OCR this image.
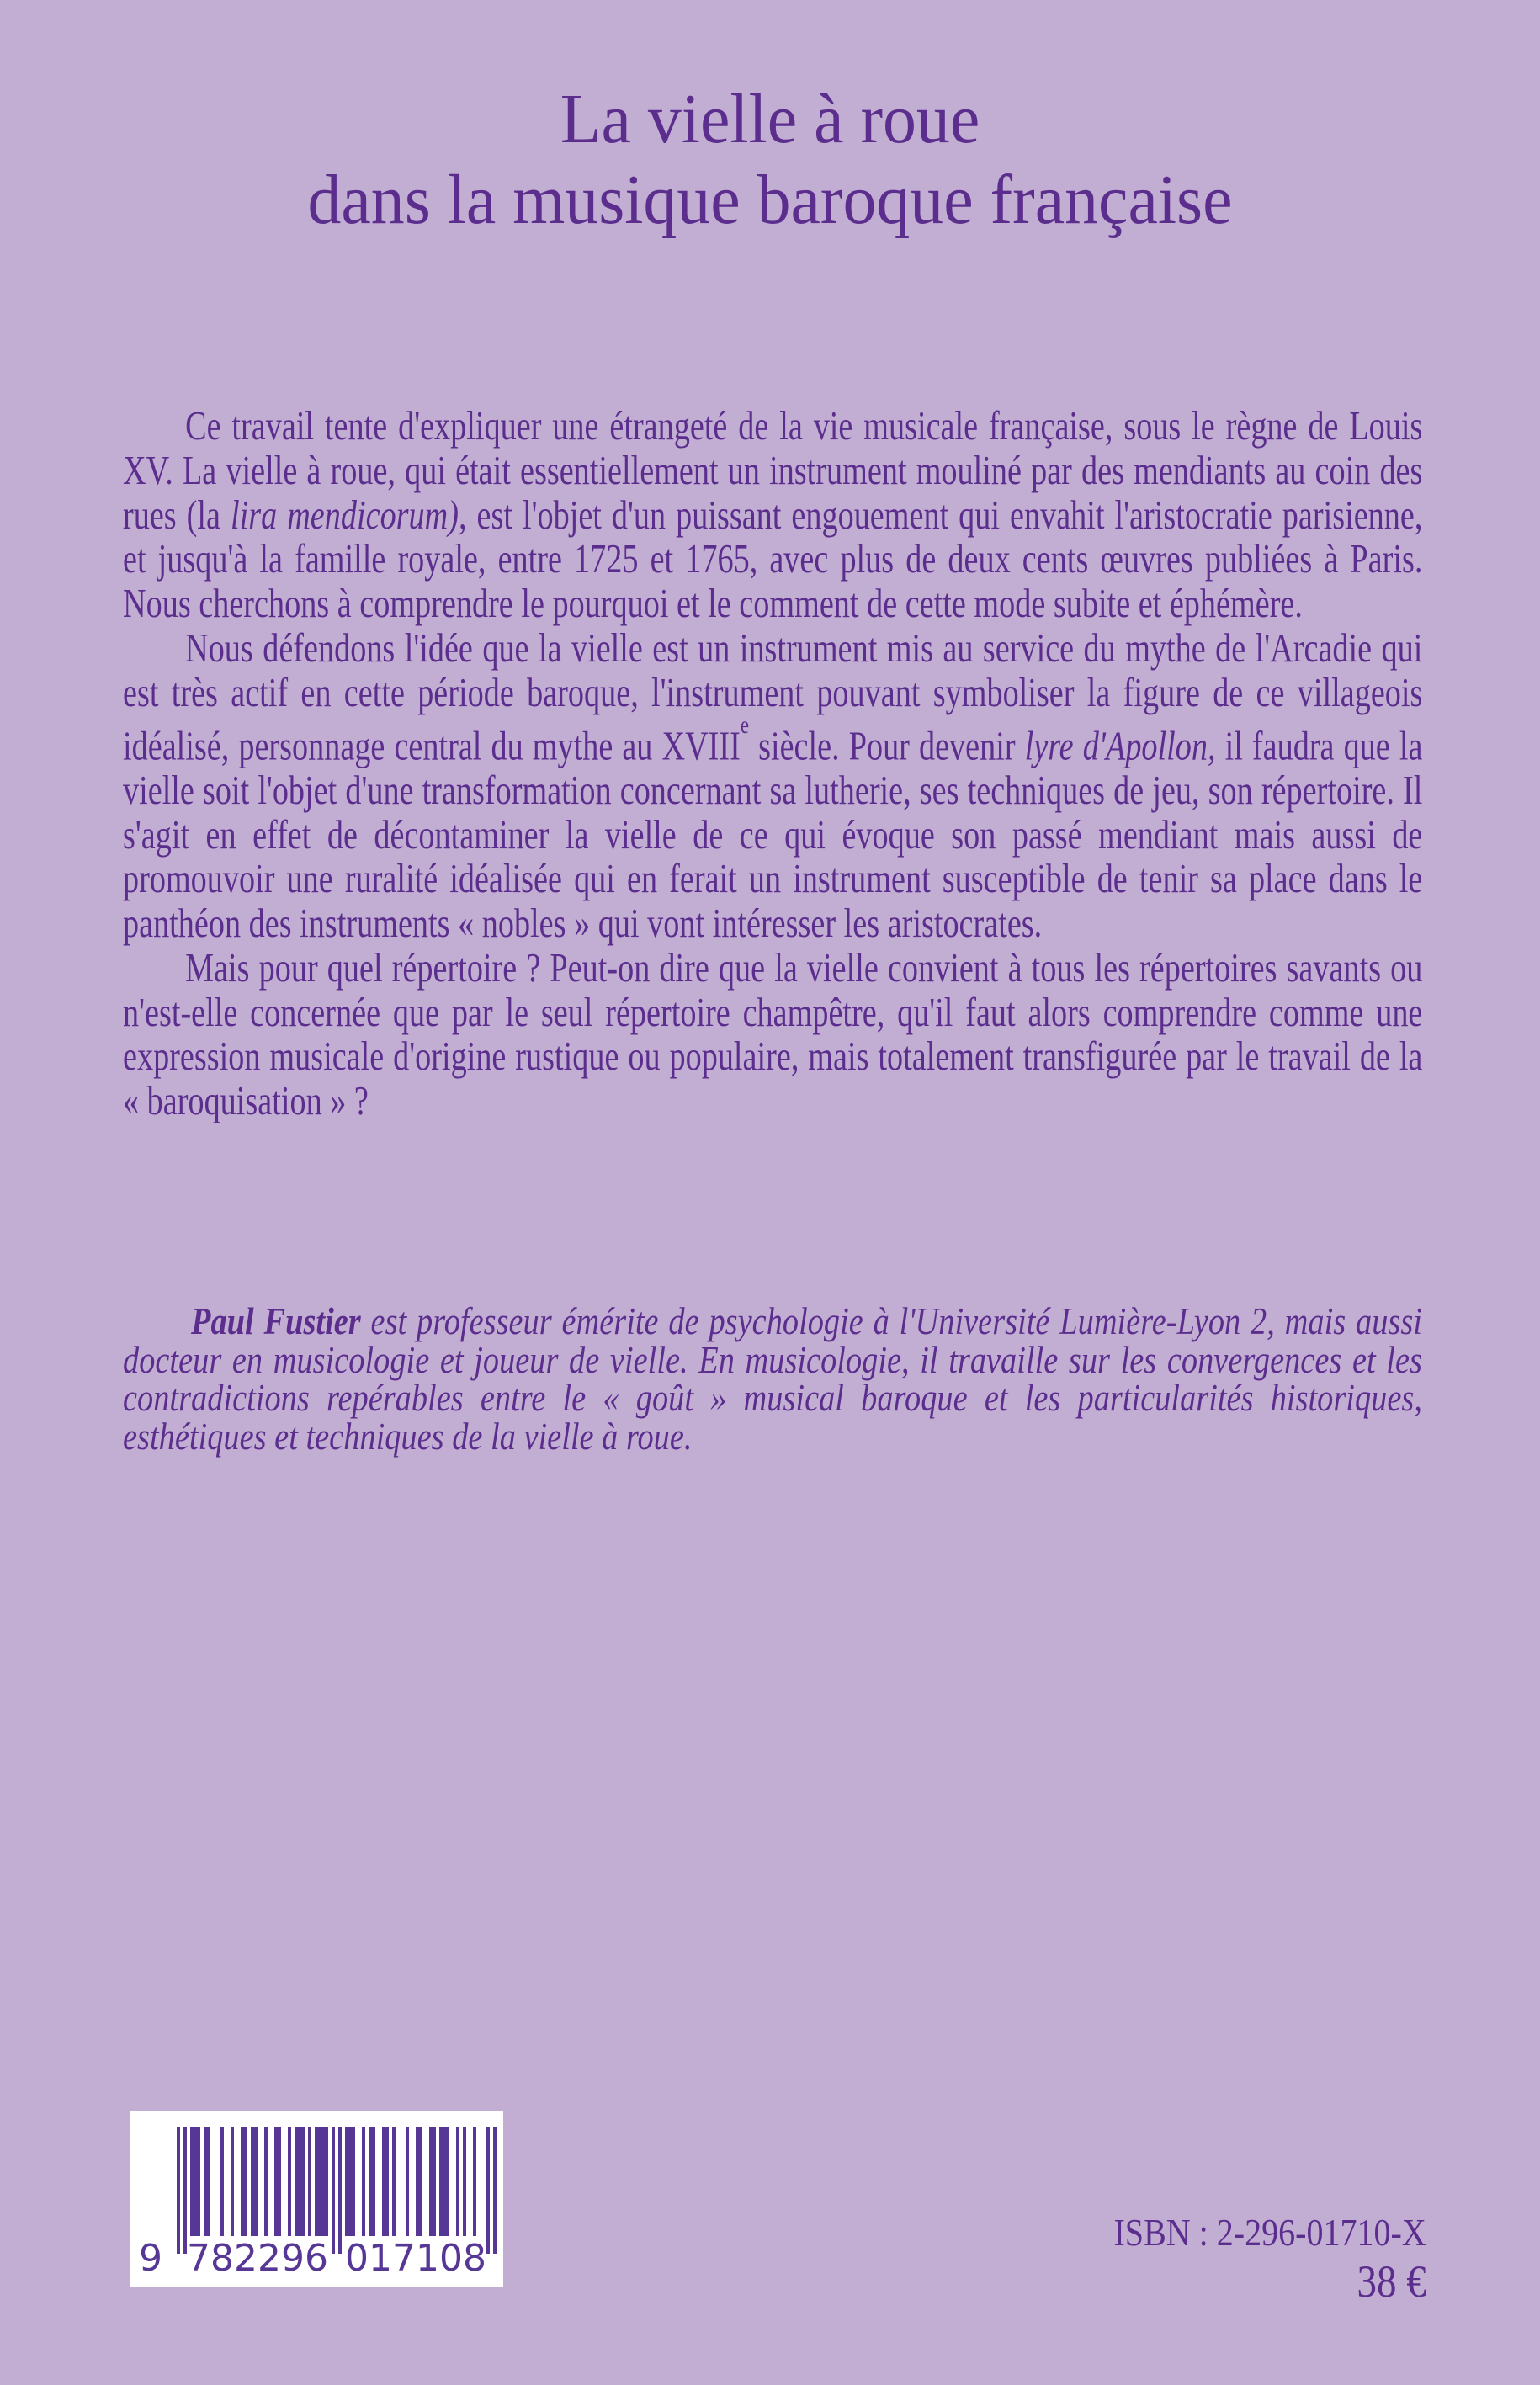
La vielle à roue
dans la musique baroque française

Ce travail tente d'expliquer une étrangeté de la vie musicale française, sous le règne de Louis XV. La vielle à roue, qui était essentiellement un instrument mouliné par des mendiants au coin des rues (la lira mendicorum), est l'objet d'un puissant engouement qui envahit l'aristocratie parisienne, et jusqu'à la famille royale, entre 1725 et 1765, avec plus de deux cents œuvres publiées à Paris. Nous cherchons à comprendre le pourquoi et le comment de cette mode subite et éphémère.

Nous défendons l'idée que la vielle est un instrument mis au service du mythe de l'Arcadie qui est très actif en cette période baroque, l'instrument pouvant symboliser la figure de ce villageois idéalisé, personnage central du mythe au XVIIIe siècle. Pour devenir lyre d'Apollon, il faudra que la vielle soit l'objet d'une transformation concernant sa lutherie, ses techniques de jeu, son répertoire. Il s'agit en effet de décontaminer la vielle de ce qui évoque son passé mendiant mais aussi de promouvoir une ruralité idéalisée qui en ferait un instrument susceptible de tenir sa place dans le panthéon des instruments « nobles » qui vont intéresser les aristocrates.

Mais pour quel répertoire ? Peut-on dire que la vielle convient à tous les répertoires savants ou n'est-elle concernée que par le seul répertoire champêtre, qu'il faut alors comprendre comme une expression musicale d'origine rustique ou populaire, mais totalement transfigurée par le travail de la « baroquisation » ?

Paul Fustier est professeur émérite de psychologie à l'Université Lumière-Lyon 2, mais aussi docteur en musicologie et joueur de vielle. En musicologie, il travaille sur les convergences et les contradictions repérables entre le « goût » musical baroque et les particularités historiques, esthétiques et techniques de la vielle à roue.
9 782296 017108
ISBN : 2-296-01710-X
38 €
